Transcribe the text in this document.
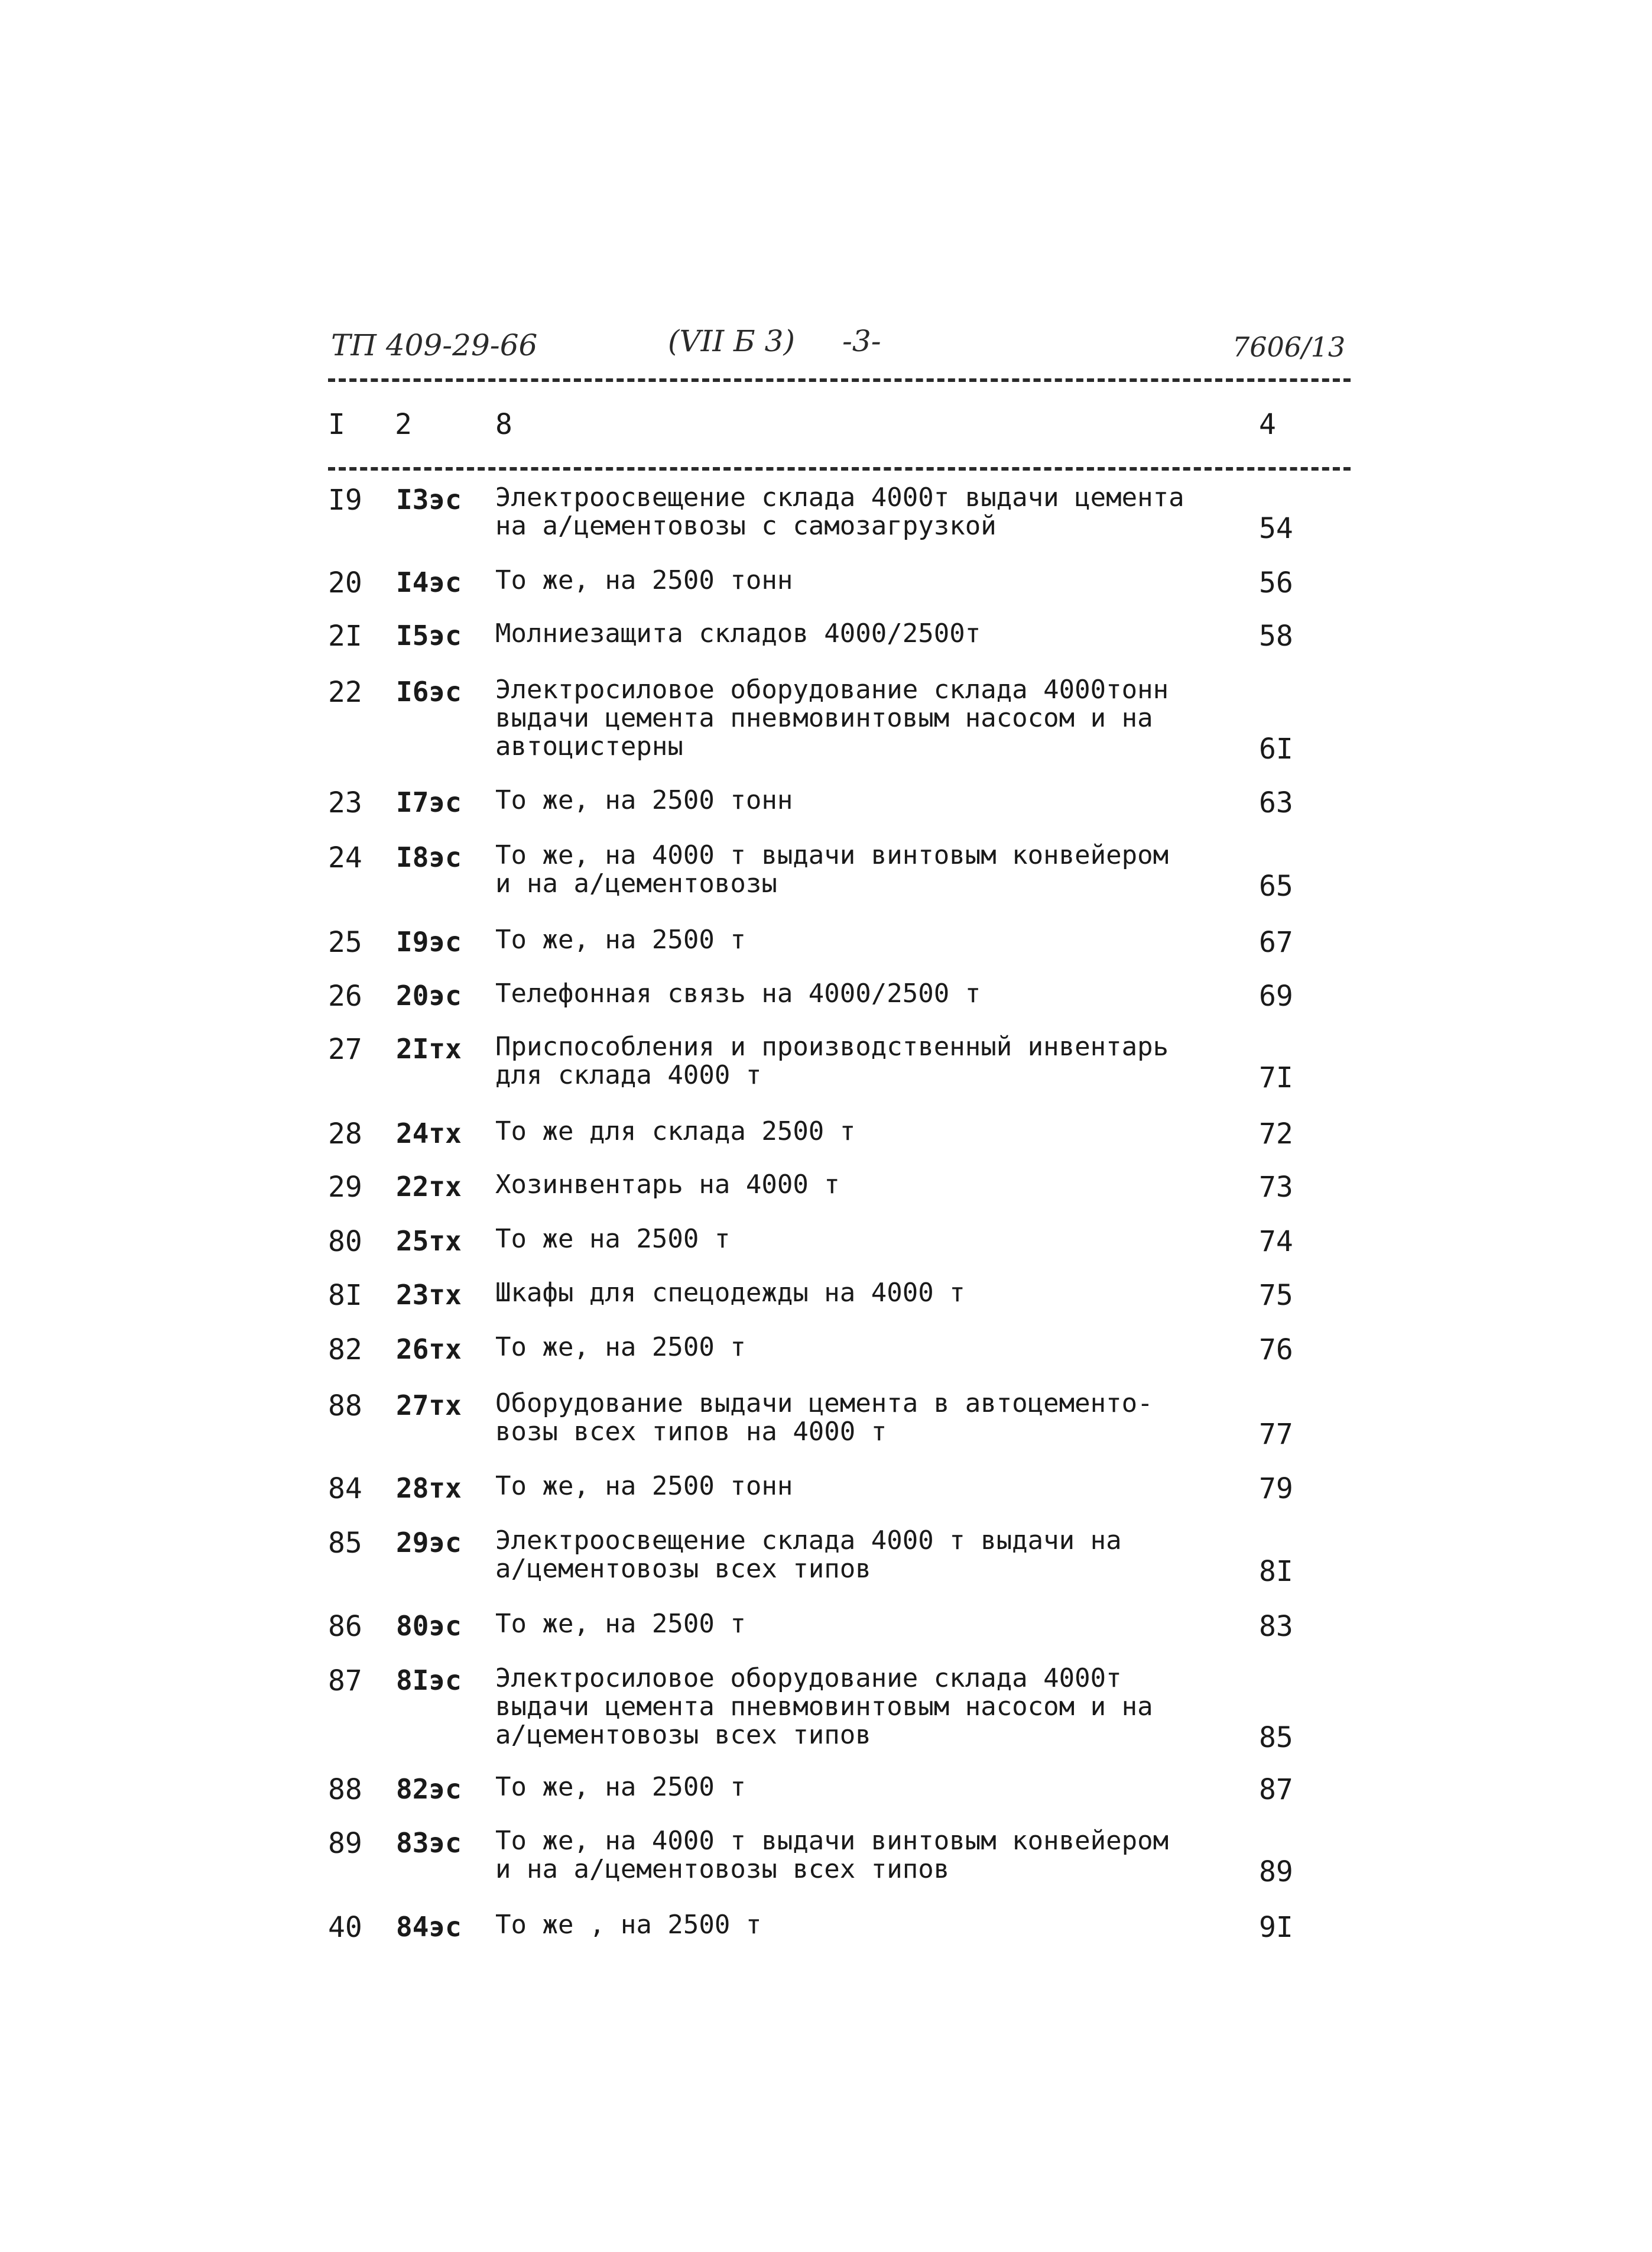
ТП 409-29-66	(VII Б 3) -3-	7606/13
I 2	8	4
I9 I3эс Электроосвещение склада 4000т выдачи цемента
на а/цементовозы с самозагрузкой	54
20 I4эс То же, на 2500 тонн	56
2I I5эс Молниезащита складов 4000/2500т	58
22 I6эс Электросиловое оборудование склада 4000тонн
выдачи цемента пневмовинтовым насосом и на
автоцистерны	6I
23 I7эс То же, на 2500 тонн	63
24 I8эс То же, на 4000 т выдачи винтовым конвейером
и на а/цементовозы	65
25 I9эс То же, на 2500 т	67
26 20эс Телефонная связь на 4000/2500 т	69
27 2Iтх Приспособления и производственный инвентарь
для склада 4000 т	7I
28 24тх То же для склада 2500 т	72
29 22тх Хозинвентарь на 4000 т	73
80 25тх То же на 2500 т	74
8I 23тх Шкафы для спецодежды на 4000 т	75
82 26тх То же, на 2500 т	76
88 27тх Оборудование выдачи цемента в автоцементо-
возы всех типов на 4000 т	77
84 28тх То же, на 2500 тонн	79
85 29эс Электроосвещение склада 4000 т выдачи на
а/цементовозы всех типов	8I
86 80эс То же, на 2500 т	83
87 8Iэс Электросиловое оборудование склада 4000т
выдачи цемента пневмовинтовым насосом и на
а/цементовозы всех типов	85
88 82эс То же, на 2500 т	87
89 83эс То же, на 4000 т выдачи винтовым конвейером
и на а/цементовозы всех типов	89
40 84эс То же , на 2500 т	9I
